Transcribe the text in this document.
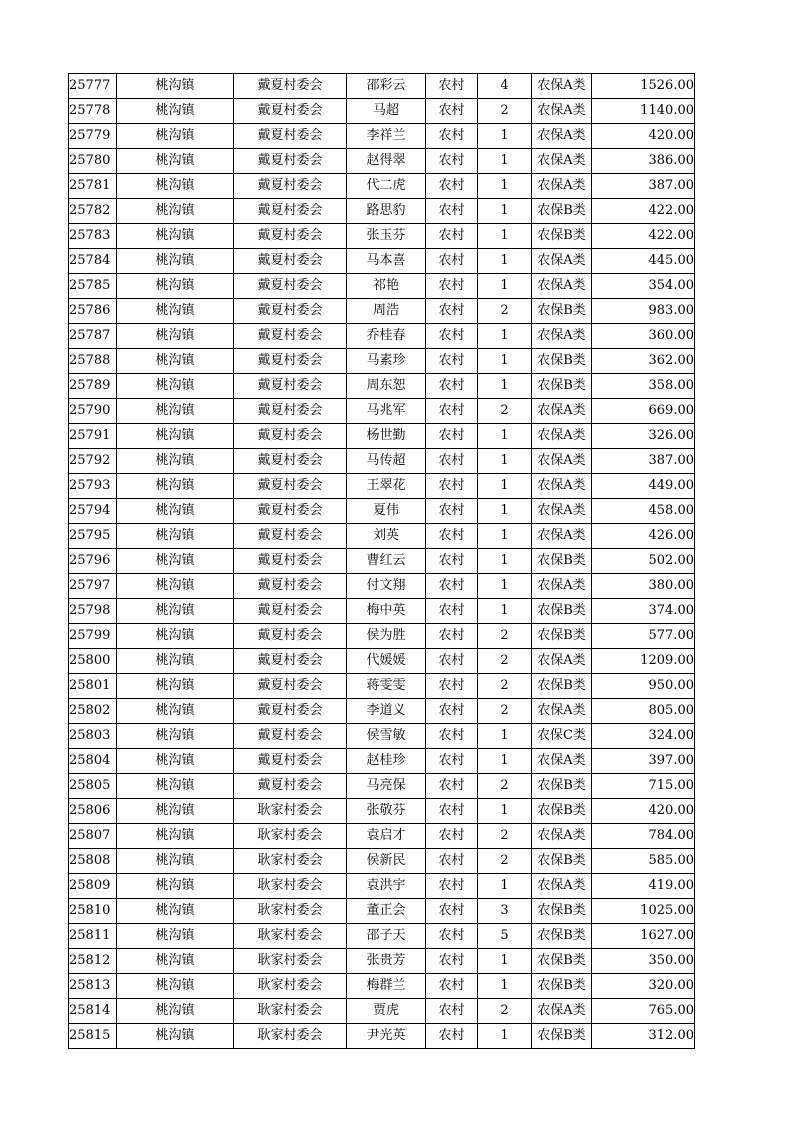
25777	桃沟镇	戴夏村委会	邵彩云	农村	4	农保A类	1526.00
25778	桃沟镇	戴夏村委会	马超	农村	2	农保A类	1140.00
25779	桃沟镇	戴夏村委会	李祥兰	农村	1	农保A类	420.00
25780	桃沟镇	戴夏村委会	赵得翠	农村	1	农保A类	386.00
25781	桃沟镇	戴夏村委会	代二虎	农村	1	农保A类	387.00
25782	桃沟镇	戴夏村委会	路思豹	农村	1	农保B类	422.00
25783	桃沟镇	戴夏村委会	张玉芬	农村	1	农保B类	422.00
25784	桃沟镇	戴夏村委会	马本喜	农村	1	农保A类	445.00
25785	桃沟镇	戴夏村委会	祁艳	农村	1	农保A类	354.00
25786	桃沟镇	戴夏村委会	周浩	农村	2	农保B类	983.00
25787	桃沟镇	戴夏村委会	乔桂春	农村	1	农保A类	360.00
25788	桃沟镇	戴夏村委会	马素珍	农村	1	农保B类	362.00
25789	桃沟镇	戴夏村委会	周东恕	农村	1	农保B类	358.00
25790	桃沟镇	戴夏村委会	马兆军	农村	2	农保A类	669.00
25791	桃沟镇	戴夏村委会	杨世勤	农村	1	农保A类	326.00
25792	桃沟镇	戴夏村委会	马传超	农村	1	农保A类	387.00
25793	桃沟镇	戴夏村委会	王翠花	农村	1	农保A类	449.00
25794	桃沟镇	戴夏村委会	夏伟	农村	1	农保A类	458.00
25795	桃沟镇	戴夏村委会	刘英	农村	1	农保A类	426.00
25796	桃沟镇	戴夏村委会	曹红云	农村	1	农保B类	502.00
25797	桃沟镇	戴夏村委会	付文翔	农村	1	农保A类	380.00
25798	桃沟镇	戴夏村委会	梅中英	农村	1	农保B类	374.00
25799	桃沟镇	戴夏村委会	侯为胜	农村	2	农保B类	577.00
25800	桃沟镇	戴夏村委会	代媛媛	农村	2	农保A类	1209.00
25801	桃沟镇	戴夏村委会	蒋雯雯	农村	2	农保B类	950.00
25802	桃沟镇	戴夏村委会	李道义	农村	2	农保A类	805.00
25803	桃沟镇	戴夏村委会	侯雪敏	农村	1	农保C类	324.00
25804	桃沟镇	戴夏村委会	赵桂珍	农村	1	农保A类	397.00
25805	桃沟镇	戴夏村委会	马亮保	农村	2	农保B类	715.00
25806	桃沟镇	耿家村委会	张敬芬	农村	1	农保B类	420.00
25807	桃沟镇	耿家村委会	袁启才	农村	2	农保A类	784.00
25808	桃沟镇	耿家村委会	侯新民	农村	2	农保B类	585.00
25809	桃沟镇	耿家村委会	袁洪宇	农村	1	农保A类	419.00
25810	桃沟镇	耿家村委会	董正会	农村	3	农保B类	1025.00
25811	桃沟镇	耿家村委会	邵子天	农村	5	农保B类	1627.00
25812	桃沟镇	耿家村委会	张贵芳	农村	1	农保B类	350.00
25813	桃沟镇	耿家村委会	梅群兰	农村	1	农保B类	320.00
25814	桃沟镇	耿家村委会	贾虎	农村	2	农保A类	765.00
25815	桃沟镇	耿家村委会	尹光英	农村	1	农保B类	312.00
